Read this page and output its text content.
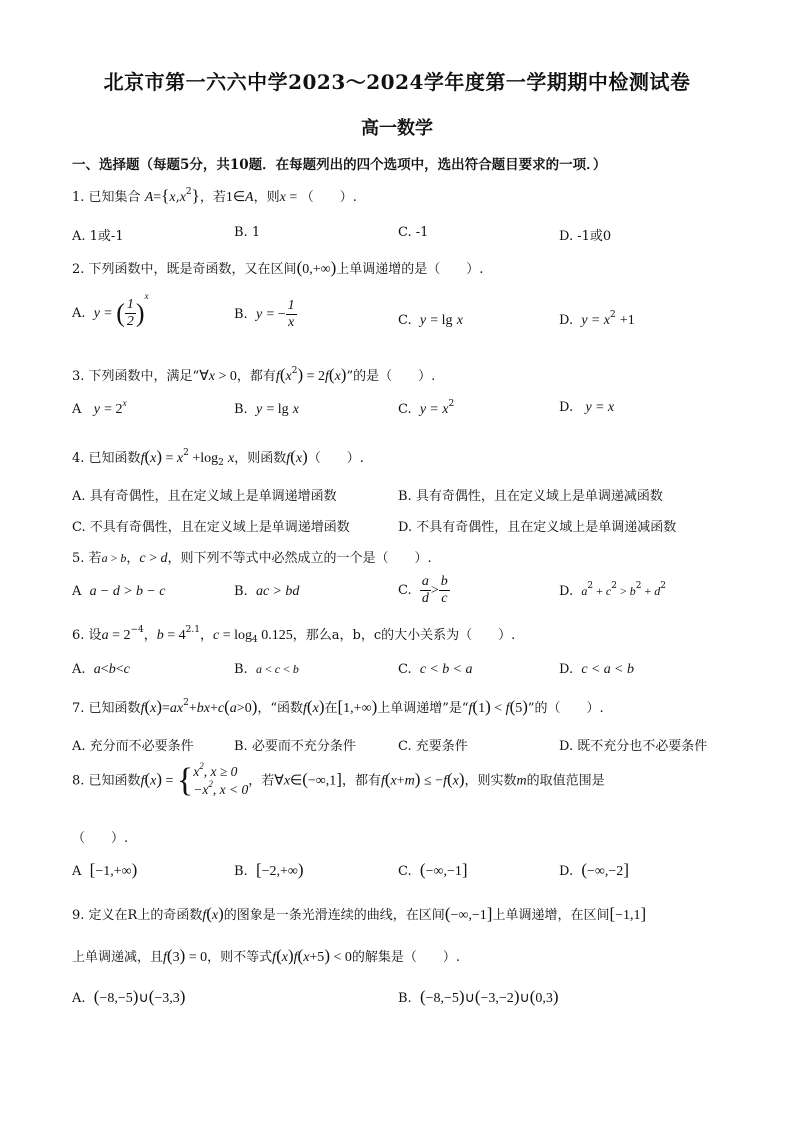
北京市第一六六中学2023～2024学年度第一学期期中检测试卷
高一数学
一、选择题（每题5分，共10题．在每题列出的四个选项中，选出符合题目要求的一项．）
1. 已知集合 $A=\{x,x^2\}$，若1∈A，则x = （　　）.
A. 1或-1	B. 1	C. -1	D. -1或0
2. 下列函数中，既是奇函数，又在区间(0,+∞)上单调递增的是（　　）.
A. y = ( $\frac{1}{2} )^x$
B. y = − $\frac{1}{x}$	C. y = lg x	D. $y = x^2 +1$
3. 下列函数中，满足“∀x > 0，都有$f(x^2) = 2f(x)$”的是（　　）.
A $y = 2^x$	B. y = lg x	C. $y = x^2$	D. y = x
4. 已知函数$f(x) = x^2 +\log_2$ x，则函数f(x)（　　）.
A. 具有奇偶性，且在定义域上是单调递增函数	B. 具有奇偶性，且在定义域上是单调递减函数
C. 不具有奇偶性，且在定义域上是单调递增函数	D. 不具有奇偶性，且在定义域上是单调递减函数
5. 若a > b，c > d，则下列不等式中必然成立的一个是（　　）.
A a − d > b − c	B. ac > bd	C. $\frac{a}{d} > \frac{b}{c}$	D. $a^2 + c^2 > b^2 + d^2$
6. 设$a = 2^{-4}$，$b = 4^{2.1}$，$c = \log_4 0.125$，那么a，b，c的大小关系为（　　）.
A. a<b<c	B. a < c < b	C. c < b < a	D. c < a < b
7. 已知函数$f(x)=ax^2+bx+c(a>0)$，“函数f(x)在[1,+∞)上单调递增”是“f(1) < f(5)”的（　　）.
A. 充分而不必要条件	B. 必要而不充分条件	C. 充要条件	D. 既不充分也不必要条件
8. 已知函数f(x) = { $x^2$, x ≥ 0
$-x^2$, x < 0
，若∀x∈(−∞,1]，都有f(x+m) ≤ −f(x)，则实数m的取值范围是
（　　）.
A [−1,+∞)	B. [−2,+∞)	C. (−∞,−1]	D. (−∞,−2]
9. 定义在R上的奇函数f(x)的图象是一条光滑连续的曲线，在区间(−∞,−1]上单调递增，在区间[−1,1]
上单调递减，且f(3) = 0，则不等式f(x)f(x+5) < 0的解集是（　　）.
A. (−8,−5)∪(−3,3)	B. (−8,−5)∪(−3,−2)∪(0,3)
